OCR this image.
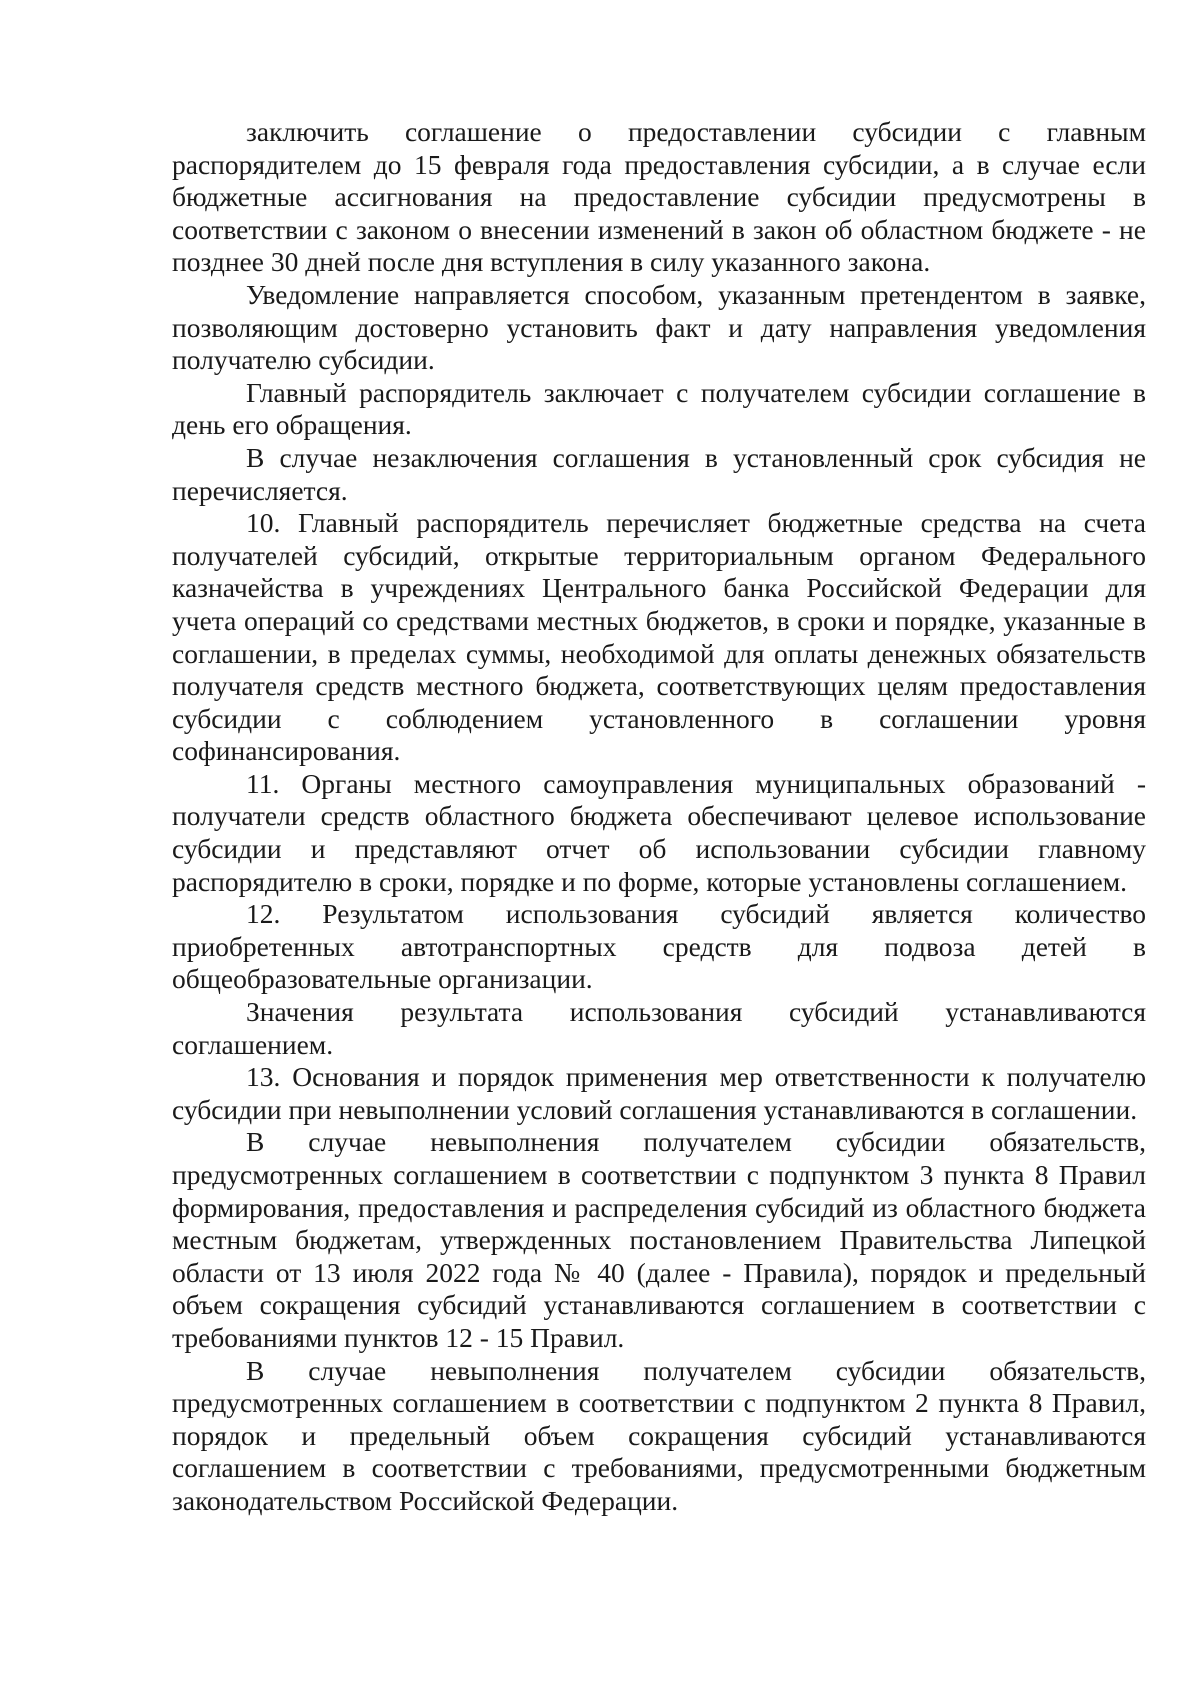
заключить соглашение о предоставлении субсидии с главным распорядителем до 15 февраля года предоставления субсидии, а в случае если бюджетные ассигнования на предоставление субсидии предусмотрены в соответствии с законом о внесении изменений в закон об областном бюджете - не позднее 30 дней после дня вступления в силу указанного закона.

Уведомление направляется способом, указанным претендентом в заявке, позволяющим достоверно установить факт и дату направления уведомления получателю субсидии.

Главный распорядитель заключает с получателем субсидии соглашение в день его обращения.

В случае незаключения соглашения в установленный срок субсидия не перечисляется.

10. Главный распорядитель перечисляет бюджетные средства на счета получателей субсидий, открытые территориальным органом Федерального казначейства в учреждениях Центрального банка Российской Федерации для учета операций со средствами местных бюджетов, в сроки и порядке, указанные в соглашении, в пределах суммы, необходимой для оплаты денежных обязательств получателя средств местного бюджета, соответствующих целям предоставления субсидии с соблюдением установленного в соглашении уровня софинансирования.

11. Органы местного самоуправления муниципальных образований - получатели средств областного бюджета обеспечивают целевое использование субсидии и представляют отчет об использовании субсидии главному распорядителю в сроки, порядке и по форме, которые установлены соглашением.

12. Результатом использования субсидий является количество приобретенных автотранспортных средств для подвоза детей в общеобразовательные организации.

Значения результата использования субсидий устанавливаются соглашением.

13. Основания и порядок применения мер ответственности к получателю субсидии при невыполнении условий соглашения устанавливаются в соглашении.

В случае невыполнения получателем субсидии обязательств, предусмотренных соглашением в соответствии с подпунктом 3 пункта 8 Правил формирования, предоставления и распределения субсидий из областного бюджета местным бюджетам, утвержденных постановлением Правительства Липецкой области от 13 июля 2022 года № 40 (далее - Правила), порядок и предельный объем сокращения субсидий устанавливаются соглашением в соответствии с требованиями пунктов 12 - 15 Правил.

В случае невыполнения получателем субсидии обязательств, предусмотренных соглашением в соответствии с подпунктом 2 пункта 8 Правил, порядок и предельный объем сокращения субсидий устанавливаются соглашением в соответствии с требованиями, предусмотренными бюджетным законодательством Российской Федерации.
